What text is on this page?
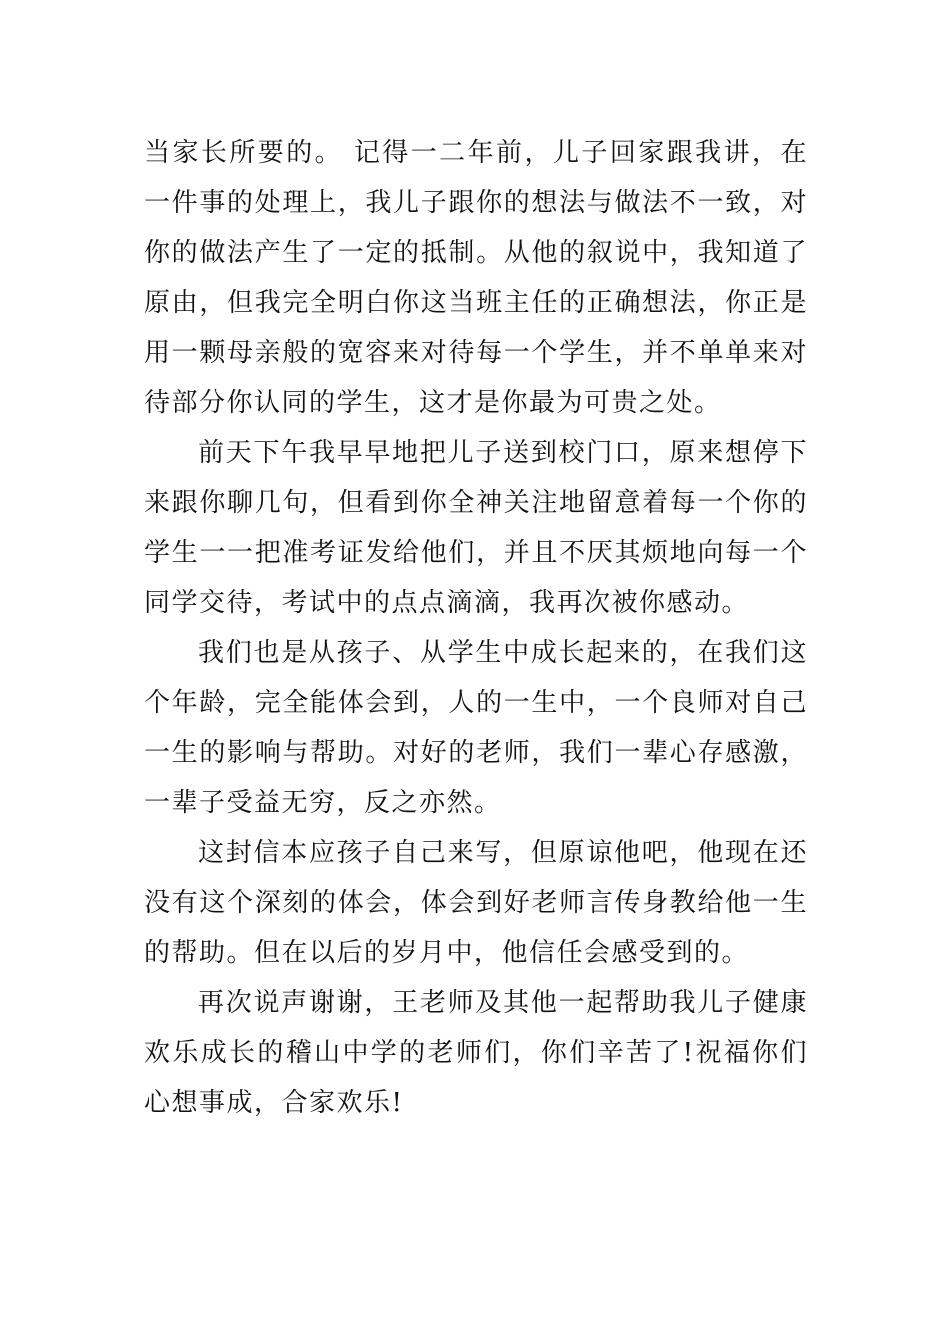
当家长所要的。 记得一二年前，儿子回家跟我讲，在一件事的处理上，我儿子跟你的想法与做法不一致，对你的做法产生了一定的抵制。从他的叙说中，我知道了原由，但我完全明白你这当班主任的正确想法，你正是用一颗母亲般的宽容来对待每一个学生，并不单单来对待部分你认同的学生，这才是你最为可贵之处。

前天下午我早早地把儿子送到校门口，原来想停下来跟你聊几句，但看到你全神关注地留意着每一个你的学生一一把准考证发给他们，并且不厌其烦地向每一个同学交待，考试中的点点滴滴，我再次被你感动。

我们也是从孩子、从学生中成长起来的，在我们这个年龄，完全能体会到，人的一生中，一个良师对自己一生的影响与帮助。对好的老师，我们一辈心存感激，一辈子受益无穷，反之亦然。

这封信本应孩子自己来写，但原谅他吧，他现在还没有这个深刻的体会，体会到好老师言传身教给他一生的帮助。但在以后的岁月中，他信任会感受到的。

再次说声谢谢，王老师及其他一起帮助我儿子健康欢乐成长的稽山中学的老师们，你们辛苦了!祝福你们心想事成，合家欢乐!
